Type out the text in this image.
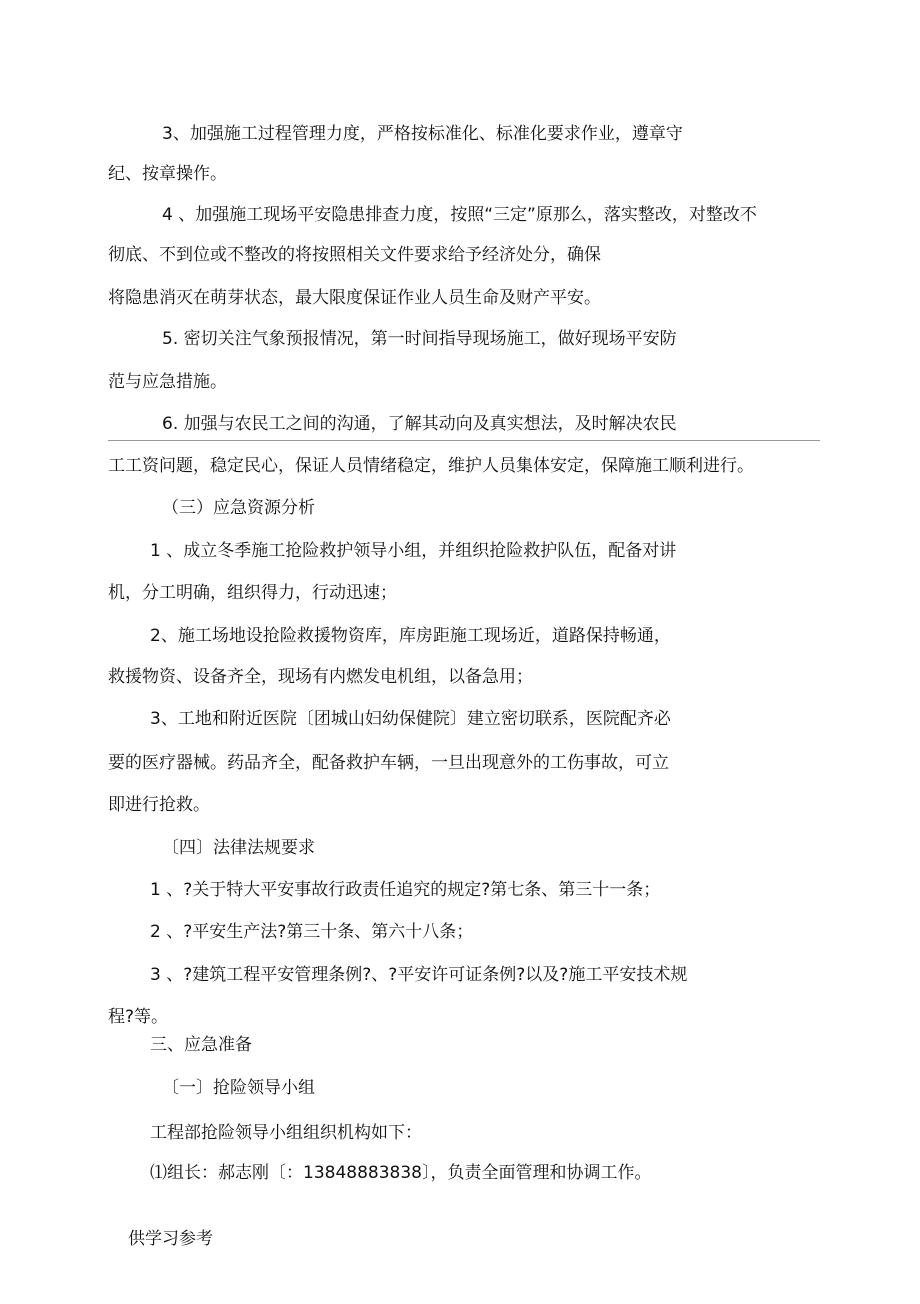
3、加强施工过程管理力度，严格按标准化、标准化要求作业，遵章守
纪、按章操作。
4 、加强施工现场平安隐患排查力度，按照“三定”原那么，落实整改，对整改不
彻底、不到位或不整改的将按照相关文件要求给予经济处分，确保
将隐患消灭在萌芽状态，最大限度保证作业人员生命及财产平安。
5. 密切关注气象预报情况，第一时间指导现场施工，做好现场平安防
范与应急措施。
6. 加强与农民工之间的沟通，了解其动向及真实想法，及时解决农民
工工资问题，稳定民心，保证人员情绪稳定，维护人员集体安定，保障施工顺利进行。
（三）应急资源分析
1 、成立冬季施工抢险救护领导小组，并组织抢险救护队伍，配备对讲
机，分工明确，组织得力，行动迅速；
2、施工场地设抢险救援物资库，库房距施工现场近，道路保持畅通，
救援物资、设备齐全，现场有内燃发电机组，以备急用；
3、工地和附近医院〔团城山妇幼保健院〕建立密切联系，医院配齐必
要的医疗器械。药品齐全，配备救护车辆，一旦出现意外的工伤事故，可立
即进行抢救。
〔四〕法律法规要求
1 、?关于特大平安事故行政责任追究的规定?第七条、第三十一条；
2 、?平安生产法?第三十条、第六十八条；
3 、?建筑工程平安管理条例?、?平安许可证条例?以及?施工平安技术规
程?等。
三、应急准备
〔一〕抢险领导小组
工程部抢险领导小组组织机构如下：
⑴组长：郝志刚〔：13848883838〕，负责全面管理和协调工作。
供学习参考
